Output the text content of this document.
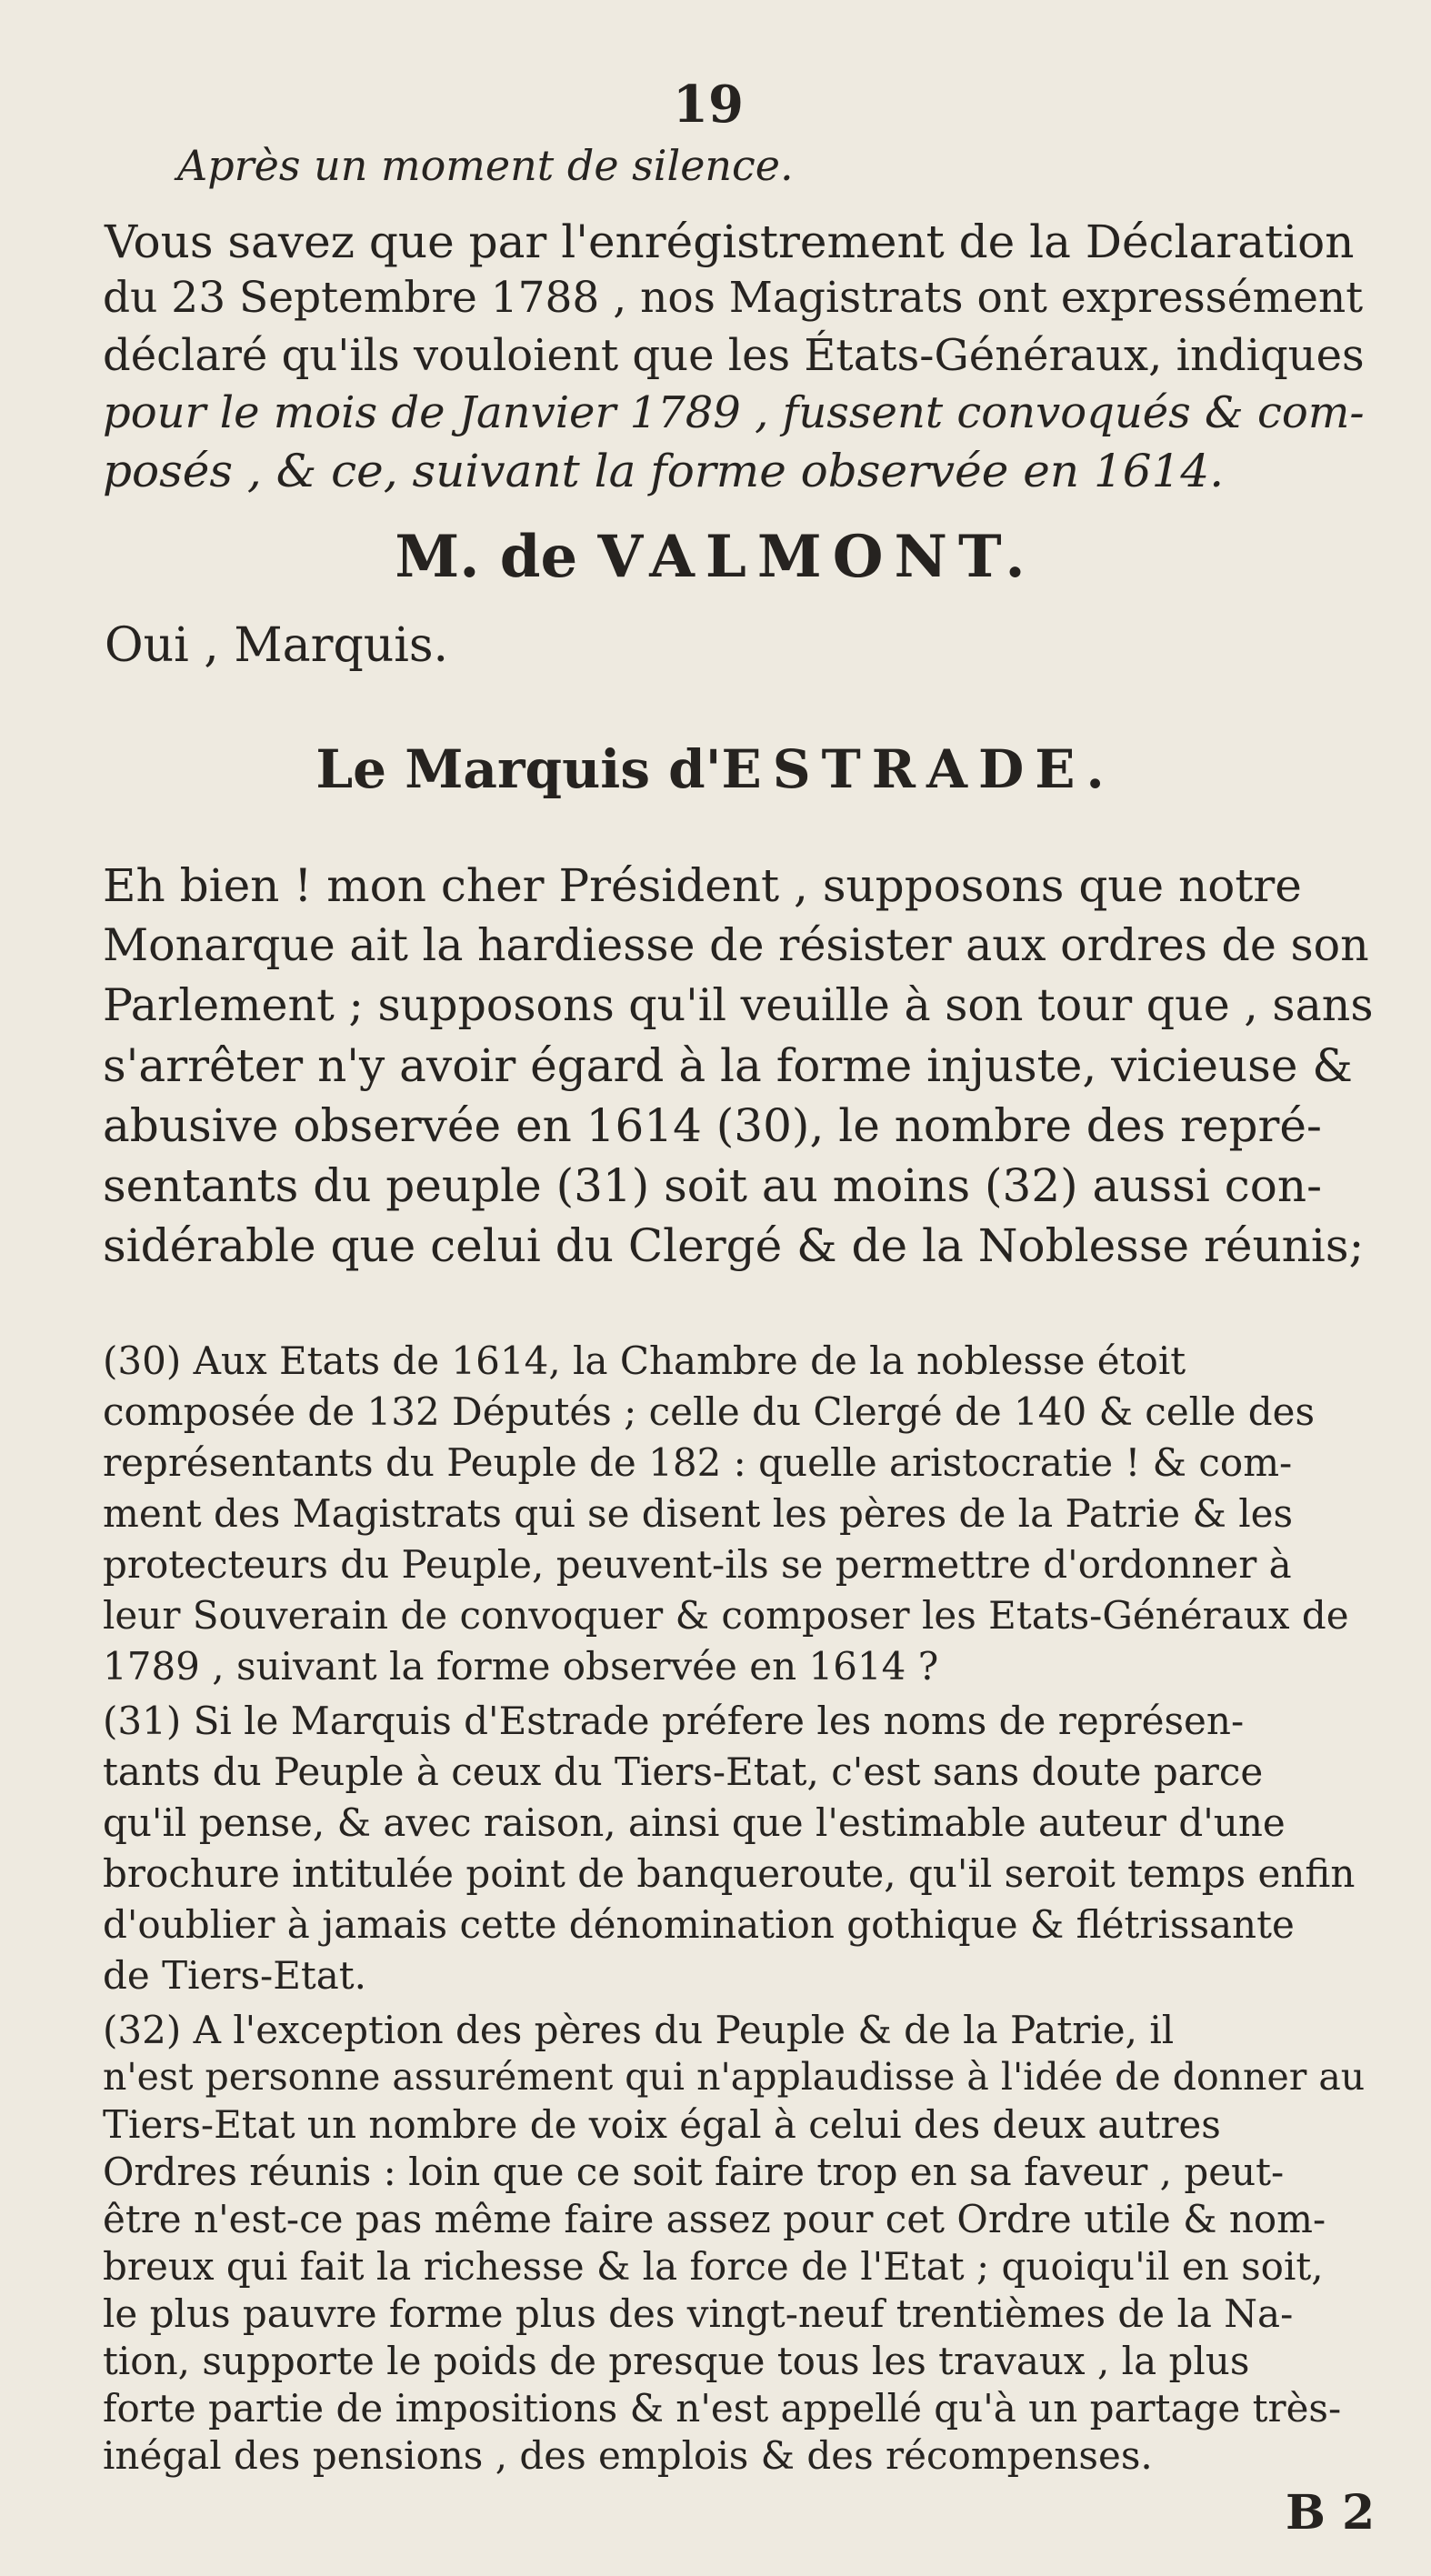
19
Après un moment de silence.
Vous savez que par l'enrégistrement de la Déclaration
du 23 Septembre 1788 , nos Magistrats ont expressément
déclaré qu'ils vouloient que les États-Généraux, indiques
pour le mois de Janvier 1789 , fussent convoqués & com-
posés , & ce, suivant la forme observée en 1614.
M. de VALMONT.
Oui , Marquis.
Le Marquis d'ESTRADE.
Eh bien ! mon cher Président , supposons que notre
Monarque ait la hardiesse de résister aux ordres de son
Parlement ; supposons qu'il veuille à son tour que , sans
s'arrêter n'y avoir égard à la forme injuste, vicieuse &
abusive observée en 1614 (30), le nombre des repré-
sentants du peuple (31) soit au moins (32) aussi con-
sidérable que celui du Clergé & de la Noblesse réunis;
(30) Aux Etats de 1614, la Chambre de la noblesse étoit
composée de 132 Députés ; celle du Clergé de 140 & celle des
représentants du Peuple de 182 : quelle aristocratie ! & com-
ment des Magistrats qui se disent les pères de la Patrie & les
protecteurs du Peuple, peuvent-ils se permettre d'ordonner à
leur Souverain de convoquer & composer les Etats-Généraux de
1789 , suivant la forme observée en 1614 ?
(31) Si le Marquis d'Estrade préfere les noms de représen-
tants du Peuple à ceux du Tiers-Etat, c'est sans doute parce
qu'il pense, & avec raison, ainsi que l'estimable auteur d'une
brochure intitulée point de banqueroute, qu'il seroit temps enfin
d'oublier à jamais cette dénomination gothique & flétrissante
de Tiers-Etat.
(32) A l'exception des pères du Peuple & de la Patrie, il
n'est personne assurément qui n'applaudisse à l'idée de donner au
Tiers-Etat un nombre de voix égal à celui des deux autres
Ordres réunis : loin que ce soit faire trop en sa faveur , peut-
être n'est-ce pas même faire assez pour cet Ordre utile & nom-
breux qui fait la richesse & la force de l'Etat ; quoiqu'il en soit,
le plus pauvre forme plus des vingt-neuf trentièmes de la Na-
tion, supporte le poids de presque tous les travaux , la plus
forte partie de impositions & n'est appellé qu'à un partage très-
inégal des pensions , des emplois & des récompenses.
B 2
